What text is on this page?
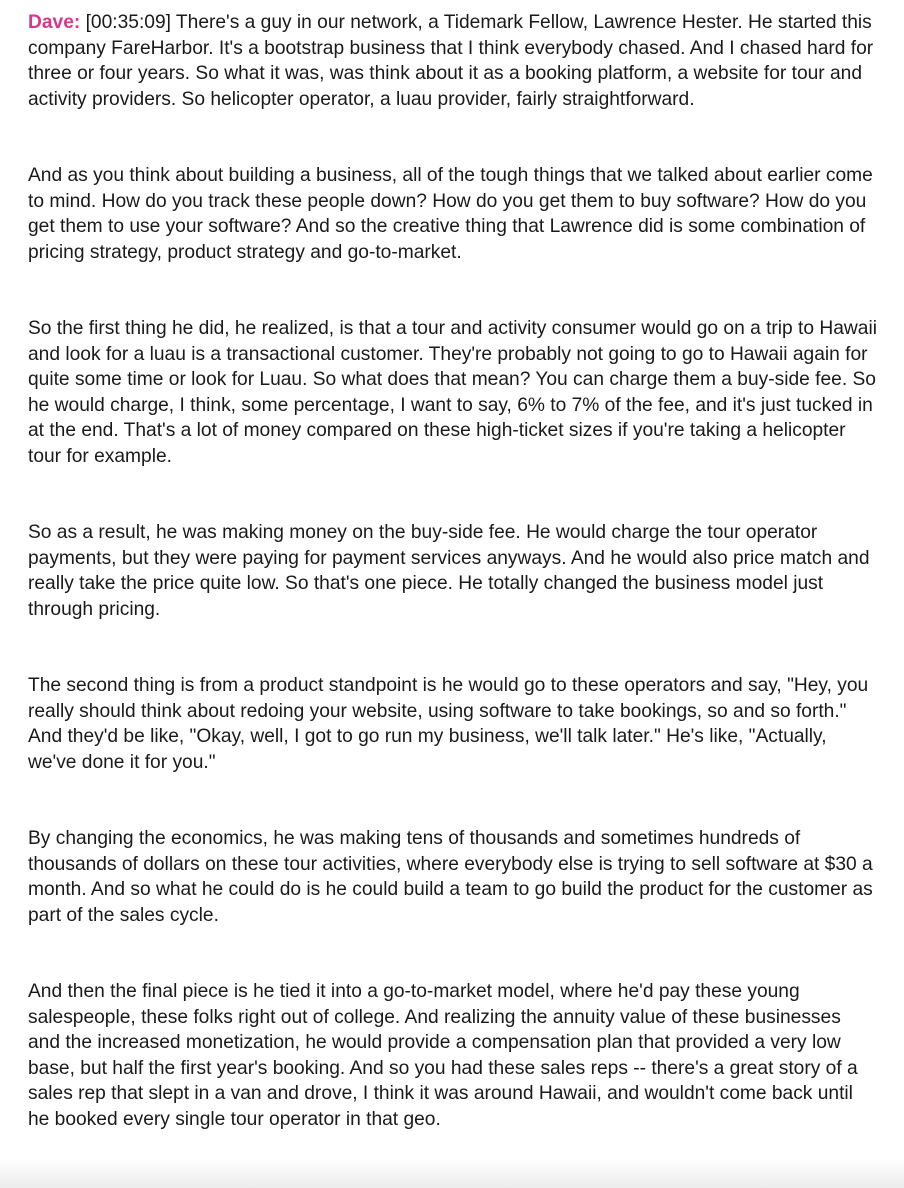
Dave: [00:35:09] There's a guy in our network, a Tidemark Fellow, Lawrence Hester. He started this company FareHarbor. It's a bootstrap business that I think everybody chased. And I chased hard for three or four years. So what it was, was think about it as a booking platform, a website for tour and activity providers. So helicopter operator, a luau provider, fairly straightforward.

And as you think about building a business, all of the tough things that we talked about earlier come to mind. How do you track these people down? How do you get them to buy software? How do you get them to use your software? And so the creative thing that Lawrence did is some combination of pricing strategy, product strategy and go-to-market.

So the first thing he did, he realized, is that a tour and activity consumer would go on a trip to Hawaii and look for a luau is a transactional customer. They're probably not going to go to Hawaii again for quite some time or look for Luau. So what does that mean? You can charge them a buy-side fee. So he would charge, I think, some percentage, I want to say, 6% to 7% of the fee, and it's just tucked in at the end. That's a lot of money compared on these high-ticket sizes if you're taking a helicopter tour for example.

So as a result, he was making money on the buy-side fee. He would charge the tour operator payments, but they were paying for payment services anyways. And he would also price match and really take the price quite low. So that's one piece. He totally changed the business model just through pricing.

The second thing is from a product standpoint is he would go to these operators and say, "Hey, you really should think about redoing your website, using software to take bookings, so and so forth." And they'd be like, "Okay, well, I got to go run my business, we'll talk later." He's like, "Actually, we've done it for you."

By changing the economics, he was making tens of thousands and sometimes hundreds of thousands of dollars on these tour activities, where everybody else is trying to sell software at $30 a month. And so what he could do is he could build a team to go build the product for the customer as part of the sales cycle.

And then the final piece is he tied it into a go-to-market model, where he'd pay these young salespeople, these folks right out of college. And realizing the annuity value of these businesses and the increased monetization, he would provide a compensation plan that provided a very low base, but half the first year's booking. And so you had these sales reps -- there's a great story of a sales rep that slept in a van and drove, I think it was around Hawaii, and wouldn't come back until he booked every single tour operator in that geo.
